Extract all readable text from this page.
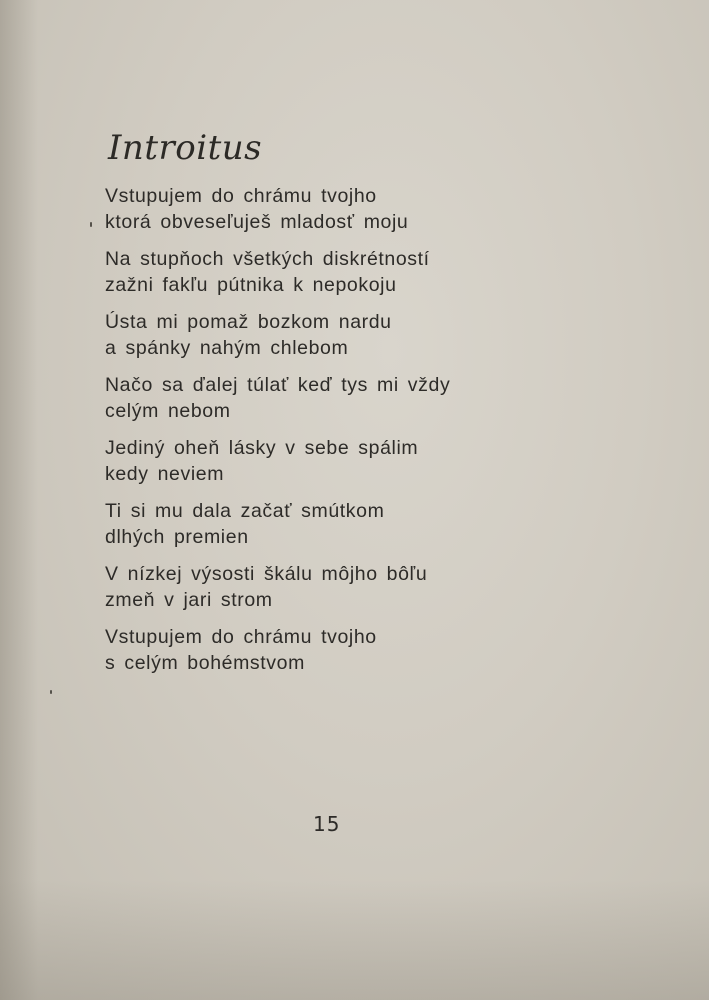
Introitus
Vstupujem do chrámu tvojho
ktorá obveseľuješ mladosť moju
Na stupňoch všetkých diskrétností
zažni fakľu pútnika k nepokoju
Ústa mi pomaž bozkom nardu
a spánky nahým chlebom
Načo sa ďalej túlať keď tys mi vždy
celým nebom
Jediný oheň lásky v sebe spálim
kedy neviem
Ti si mu dala začať smútkom
dlhých premien
V nízkej výsosti škálu môjho bôľu
zmeň v jari strom
Vstupujem do chrámu tvojho
s celým bohémstvom
15
